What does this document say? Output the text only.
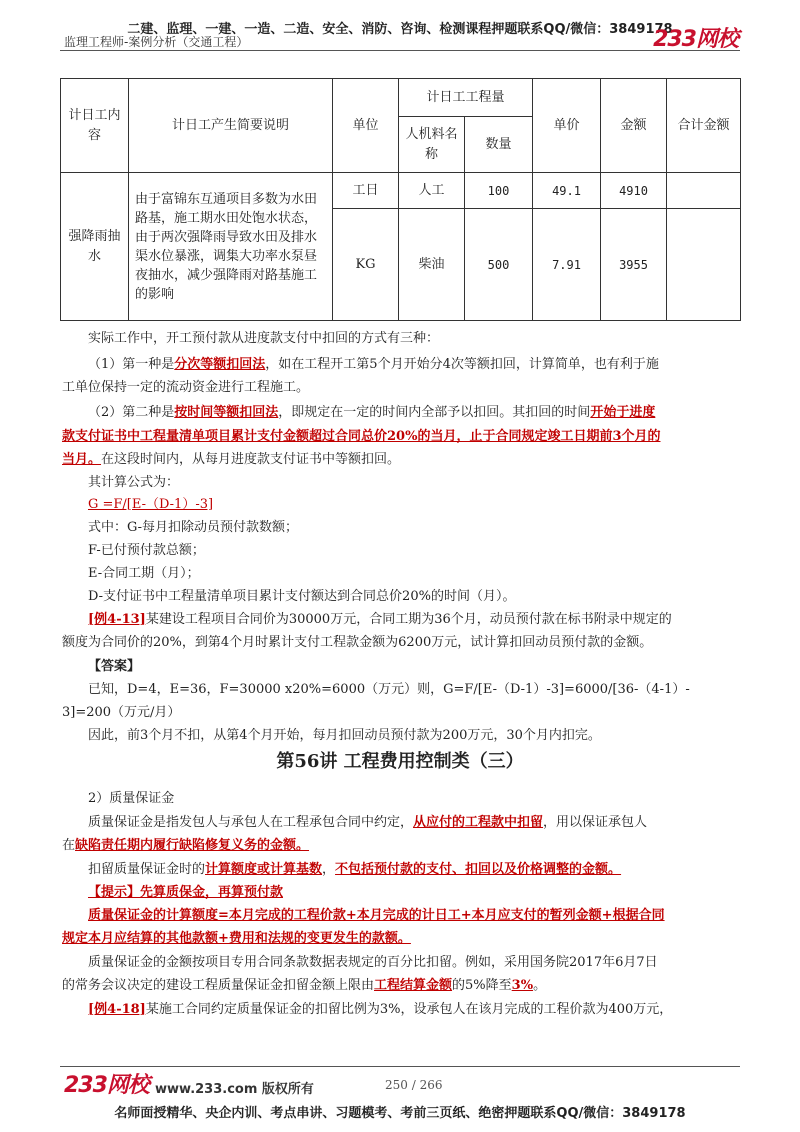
二建、监理、一建、一造、二造、安全、消防、咨询、检测课程押题联系QQ/微信：3849178
监理工程师-案例分析（交通工程）	233网校
计日工内容	计日工产生简要说明	单位	计日工工程量		单价	金额	合计金额
			人机料名称	数量			
强降雨抽水	由于富锦东互通项目多数为水田路基，施工期水田处饱水状态，由于两次强降雨导致水田及排水渠水位暴涨，调集大功率水泵昼夜抽水，减少强降雨对路基施工的影响	工日	人工	100	49.1	4910	
		KG	柴油	500	7.91	3955	
实际工作中，开工预付款从进度款支付中扣回的方式有三种：
（1）第一种是分次等额扣回法，如在工程开工第5个月开始分4次等额扣回，计算简单，也有利于施
工单位保持一定的流动资金进行工程施工。
（2）第二种是按时间等额扣回法，即规定在一定的时间内全部予以扣回。其扣回的时间开始于进度
款支付证书中工程量清单项目累计支付金额超过合同总价20%的当月，止于合同规定竣工日期前3个月的
当月。在这段时间内，从每月进度款支付证书中等额扣回。
其计算公式为：
G =F/[E-（D-1）-3]
式中：G-每月扣除动员预付款数额；
F-已付预付款总额；
E-合同工期（月）；
D-支付证书中工程量清单项目累计支付额达到合同总价20%的时间（月）。
[例4-13]某建设工程项目合同价为30000万元，合同工期为36个月，动员预付款在标书附录中规定的
额度为合同价的20%，到第4个月时累计支付工程款金额为6200万元，试计算扣回动员预付款的金额。
【答案】
已知，D=4，E=36，F=30000 x20%=6000（万元）则，G=F/[E-（D-1）-3]=6000/[36-（4-1）-
3]=200（万元/月）
因此，前3个月不扣，从第4个月开始，每月扣回动员预付款为200万元，30个月内扣完。
第56讲 工程费用控制类（三）
2）质量保证金
质量保证金是指发包人与承包人在工程承包合同中约定，从应付的工程款中扣留，用以保证承包人
在缺陷责任期内履行缺陷修复义务的金额。
扣留质量保证金时的计算额度或计算基数，不包括预付款的支付、扣回以及价格调整的金额。
【提示】先算质保金，再算预付款
质量保证金的计算额度=本月完成的工程价款+本月完成的计日工+本月应支付的暂列金额+根据合同
规定本月应结算的其他款额+费用和法规的变更发生的款额。
质量保证金的金额按项目专用合同条款数据表规定的百分比扣留。例如，采用国务院2017年6月7日
的常务会议决定的建设工程质量保证金扣留金额上限由工程结算金额的5%降至3%。
[例4-18]某施工合同约定质量保证金的扣留比例为3%，设承包人在该月完成的工程价款为400万元，
233网校 www.233.com 版权所有	250 / 266
名师面授精华、央企内训、考点串讲、习题模考、考前三页纸、绝密押题联系QQ/微信：3849178
